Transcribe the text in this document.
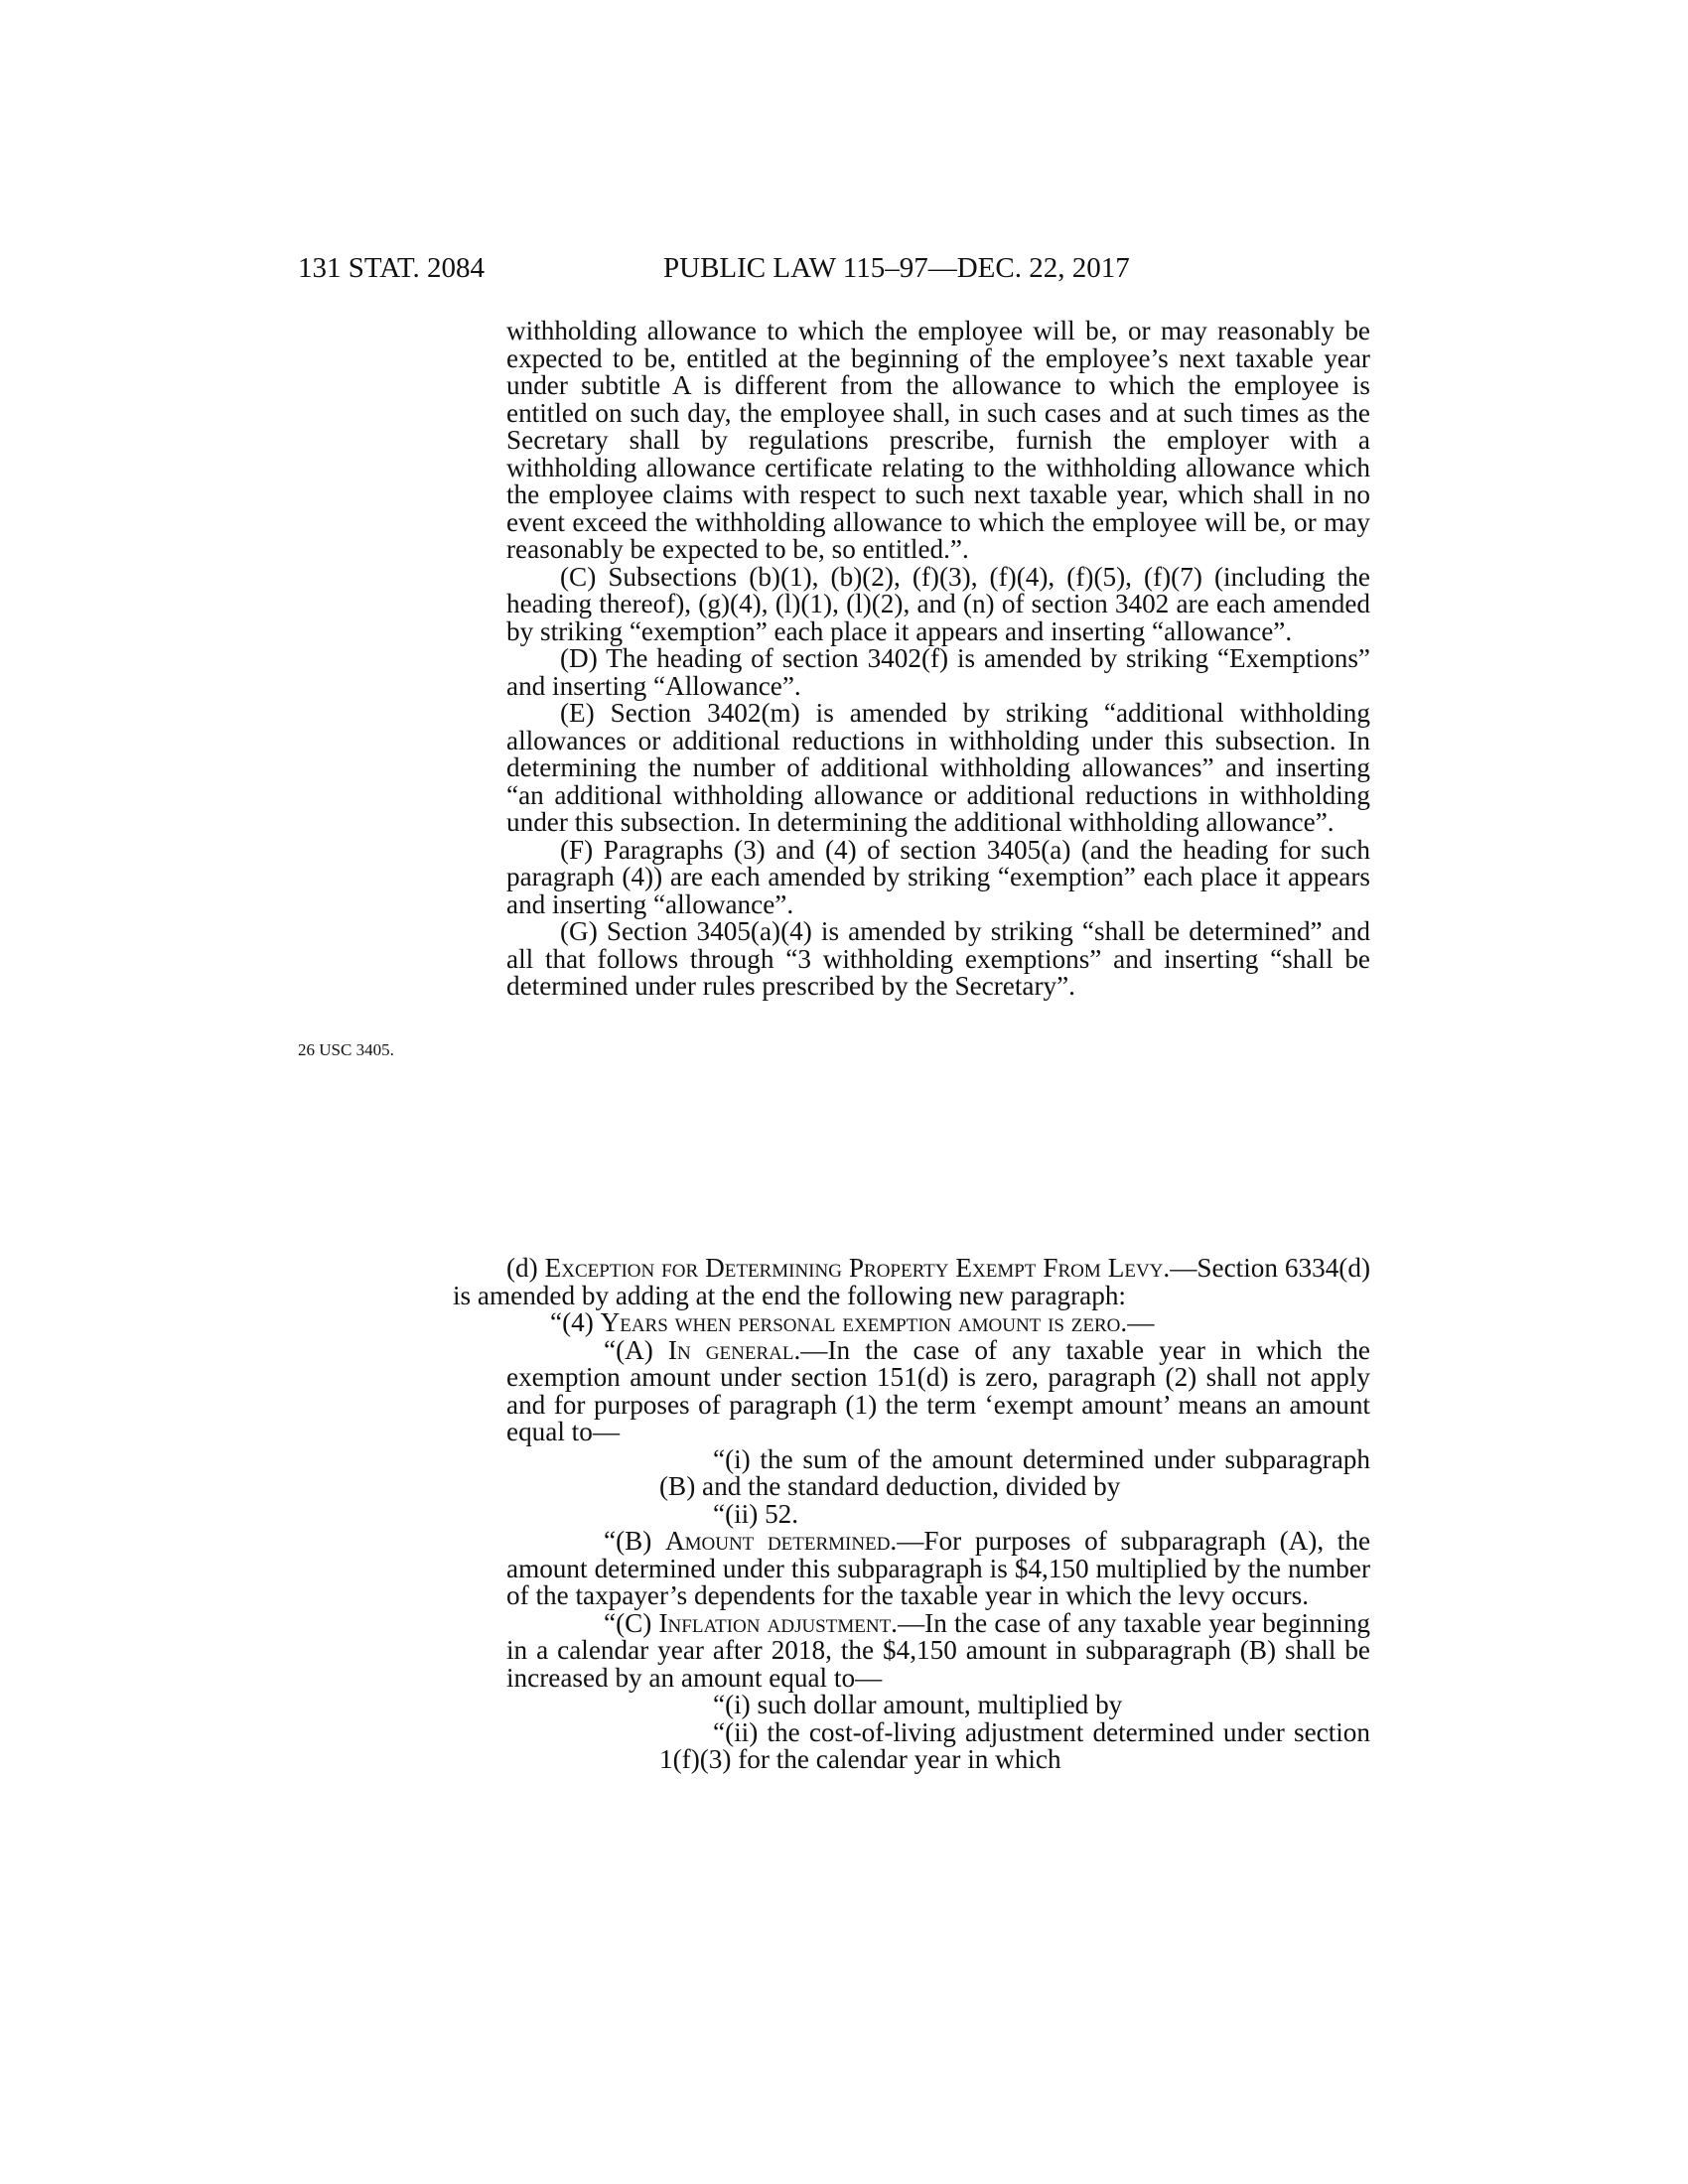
131 STAT. 2084	PUBLIC LAW 115–97—DEC. 22, 2017
26 USC 3405.

withholding allowance to which the employee will be, or may reasonably be expected to be, entitled at the beginning of the employee’s next taxable year under subtitle A is different from the allowance to which the employee is entitled on such day, the employee shall, in such cases and at such times as the Secretary shall by regulations prescribe, furnish the employer with a withholding allowance certificate relating to the withholding allowance which the employee claims with respect to such next taxable year, which shall in no event exceed the withholding allowance to which the employee will be, or may reasonably be expected to be, so entitled.”.

(C) Subsections (b)(1), (b)(2), (f)(3), (f)(4), (f)(5), (f)(7) (including the heading thereof), (g)(4), (l)(1), (l)(2), and (n) of section 3402 are each amended by striking “exemption” each place it appears and inserting “allowance”.

(D) The heading of section 3402(f) is amended by striking “Exemptions” and inserting “Allowance”.

(E) Section 3402(m) is amended by striking “additional withholding allowances or additional reductions in withholding under this subsection. In determining the number of additional withholding allowances” and inserting “an additional withholding allowance or additional reductions in withholding under this subsection. In determining the additional withholding allowance”.

(F) Paragraphs (3) and (4) of section 3405(a) (and the heading for such paragraph (4)) are each amended by striking “exemption” each place it appears and inserting “allowance”.

(G) Section 3405(a)(4) is amended by striking “shall be determined” and all that follows through “3 withholding exemptions” and inserting “shall be determined under rules prescribed by the Secretary”.

(d) Exception for Determining Property Exempt From Levy.—Section 6334(d) is amended by adding at the end the following new paragraph:

“(4) Years when personal exemption amount is zero.—

“(A) In general.—In the case of any taxable year in which the exemption amount under section 151(d) is zero, paragraph (2) shall not apply and for purposes of paragraph (1) the term ‘exempt amount’ means an amount equal to—

“(i) the sum of the amount determined under subparagraph (B) and the standard deduction, divided by

“(ii) 52.

“(B) Amount determined.—For purposes of subparagraph (A), the amount determined under this subparagraph is $4,150 multiplied by the number of the taxpayer’s dependents for the taxable year in which the levy occurs.

“(C) Inflation adjustment.—In the case of any taxable year beginning in a calendar year after 2018, the $4,150 amount in subparagraph (B) shall be increased by an amount equal to—

“(i) such dollar amount, multiplied by

“(ii) the cost-of-living adjustment determined under section 1(f)(3) for the calendar year in which
